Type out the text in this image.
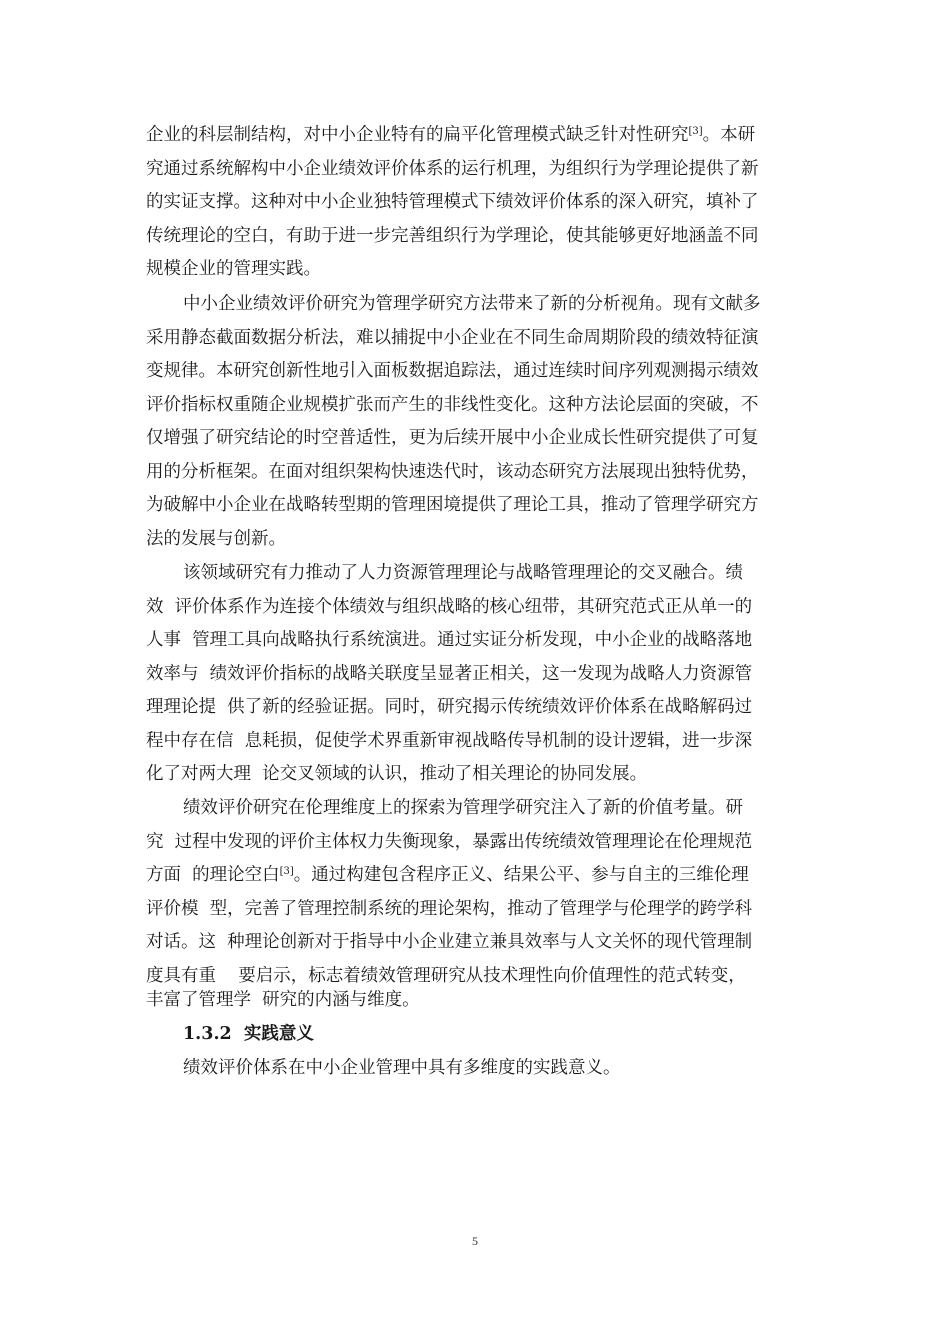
企业的科层制结构，对中小企业特有的扁平化管理模式缺乏针对性研究[3]。本研

究通过系统解构中小企业绩效评价体系的运行机理，为组织行为学理论提供了新

的实证支撑。这种对中小企业独特管理模式下绩效评价体系的深入研究，填补了

传统理论的空白，有助于进一步完善组织行为学理论，使其能够更好地涵盖不同

规模企业的管理实践。

中小企业绩效评价研究为管理学研究方法带来了新的分析视角。现有文献多

采用静态截面数据分析法，难以捕捉中小企业在不同生命周期阶段的绩效特征演

变规律。本研究创新性地引入面板数据追踪法，通过连续时间序列观测揭示绩效

评价指标权重随企业规模扩张而产生的非线性变化。这种方法论层面的突破，不

仅增强了研究结论的时空普适性，更为后续开展中小企业成长性研究提供了可复

用的分析框架。在面对组织架构快速迭代时，该动态研究方法展现出独特优势，

为破解中小企业在战略转型期的管理困境提供了理论工具，推动了管理学研究方

法的发展与创新。

该领域研究有力推动了人力资源管理理论与战略管理理论的交叉融合。绩

效  评价体系作为连接个体绩效与组织战略的核心纽带，其研究范式正从单一的

人事  管理工具向战略执行系统演进。通过实证分析发现，中小企业的战略落地

效率与  绩效评价指标的战略关联度呈显著正相关，这一发现为战略人力资源管

理理论提  供了新的经验证据。同时，研究揭示传统绩效评价体系在战略解码过

程中存在信  息耗损，促使学术界重新审视战略传导机制的设计逻辑，进一步深

化了对两大理  论交叉领域的认识，推动了相关理论的协同发展。

绩效评价研究在伦理维度上的探索为管理学研究注入了新的价值考量。研

究  过程中发现的评价主体权力失衡现象，暴露出传统绩效管理理论在伦理规范

方面  的理论空白[3]。通过构建包含程序正义、结果公平、参与自主的三维伦理

评价模  型，完善了管理控制系统的理论架构，推动了管理学与伦理学的跨学科

对话。这  种理论创新对于指导中小企业建立兼具效率与人文关怀的现代管理制

度具有重    要启示，标志着绩效管理研究从技术理性向价值理性的范式转变，

丰富了管理学  研究的内涵与维度。

1.3.2 实践意义

绩效评价体系在中小企业管理中具有多维度的实践意义。

5
